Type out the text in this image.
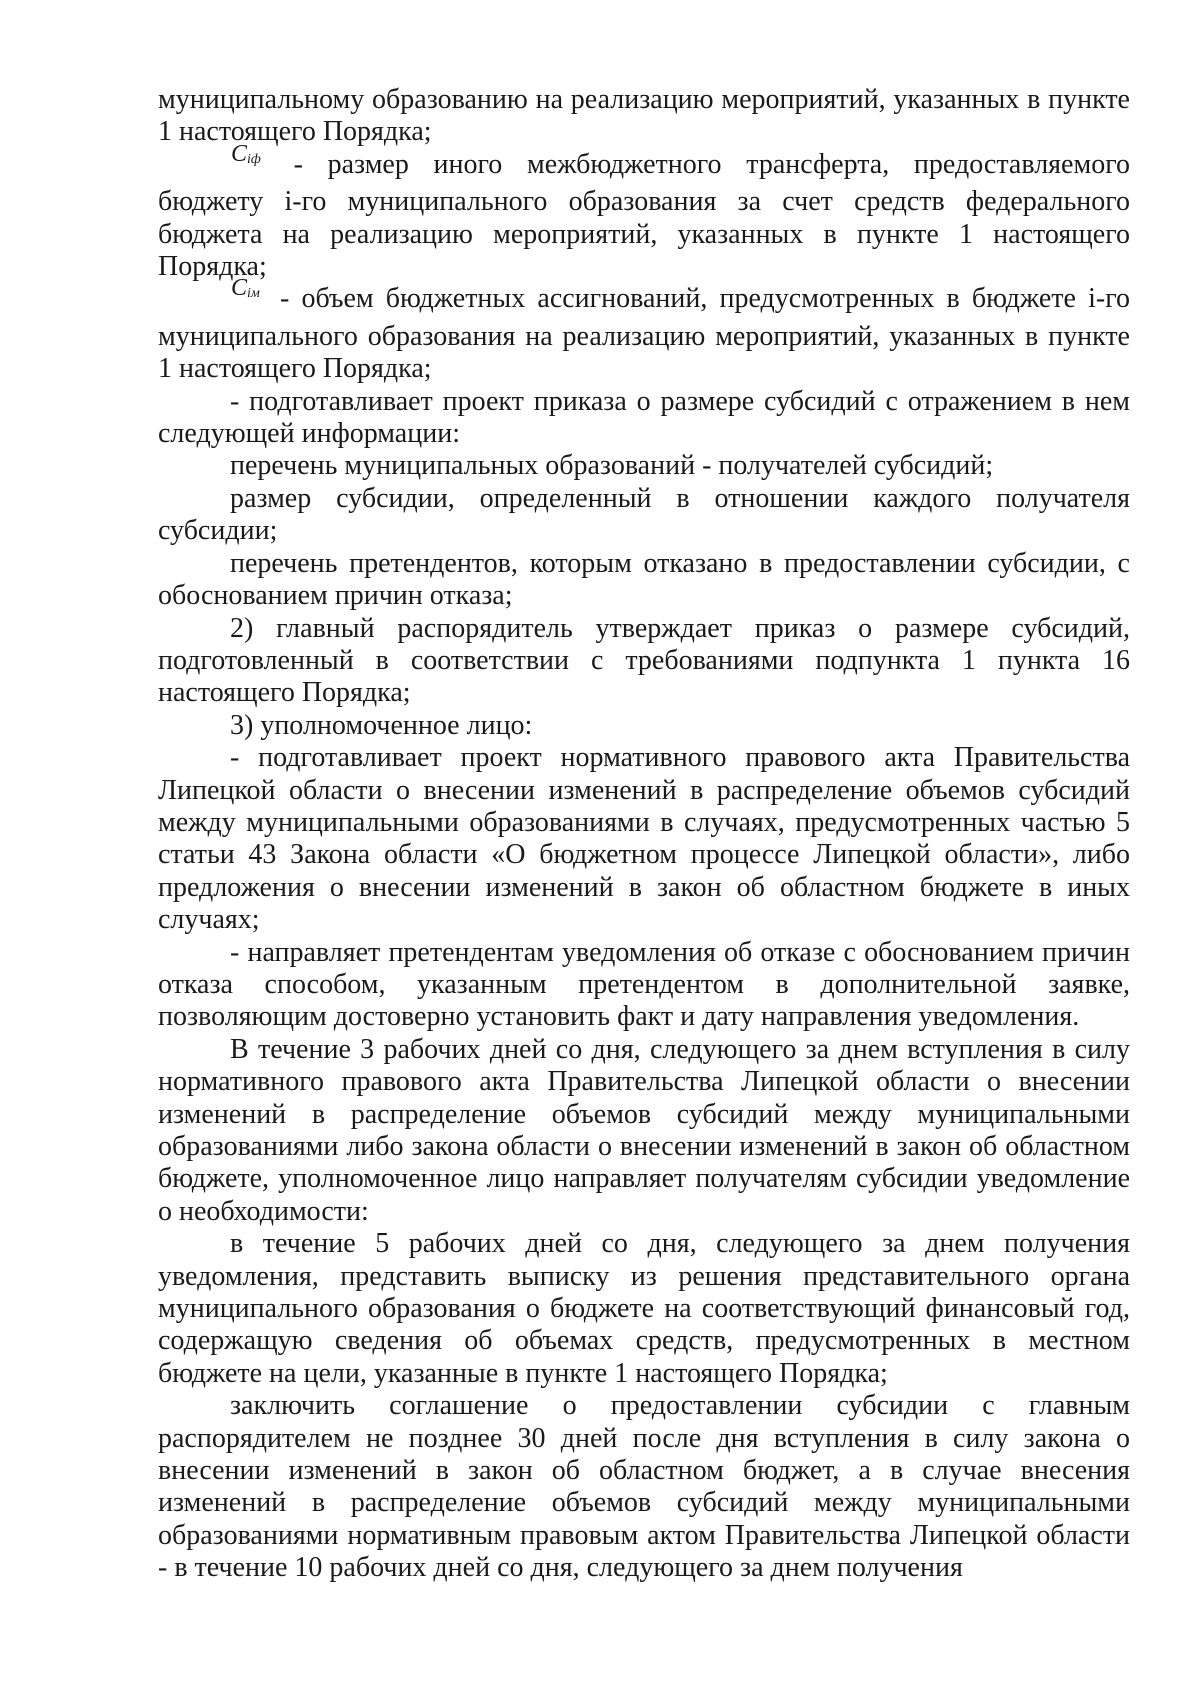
муниципальному образованию на реализацию мероприятий, указанных в пункте 1 настоящего Порядка;

$C_{iф}$ - размер иного межбюджетного трансферта, предоставляемого бюджету i-го муниципального образования за счет средств федерального бюджета на реализацию мероприятий, указанных в пункте 1 настоящего Порядка;

$C_{iм}$ - объем бюджетных ассигнований, предусмотренных в бюджете i-го муниципального образования на реализацию мероприятий, указанных в пункте 1 настоящего Порядка;

- подготавливает проект приказа о размере субсидий с отражением в нем следующей информации:

перечень муниципальных образований - получателей субсидий;

размер субсидии, определенный в отношении каждого получателя субсидии;

перечень претендентов, которым отказано в предоставлении субсидии, с обоснованием причин отказа;

2) главный распорядитель утверждает приказ о размере субсидий, подготовленный в соответствии с требованиями подпункта 1 пункта 16 настоящего Порядка;

3) уполномоченное лицо:

- подготавливает проект нормативного правового акта Правительства Липецкой области о внесении изменений в распределение объемов субсидий между муниципальными образованиями в случаях, предусмотренных частью 5 статьи 43 Закона области «О бюджетном процессе Липецкой области», либо предложения о внесении изменений в закон об областном бюджете в иных случаях;

- направляет претендентам уведомления об отказе с обоснованием причин отказа способом, указанным претендентом в дополнительной заявке, позволяющим достоверно установить факт и дату направления уведомления.

В течение 3 рабочих дней со дня, следующего за днем вступления в силу нормативного правового акта Правительства Липецкой области о внесении изменений в распределение объемов субсидий между муниципальными образованиями либо закона области о внесении изменений в закон об областном бюджете, уполномоченное лицо направляет получателям субсидии уведомление о необходимости:

в течение 5 рабочих дней со дня, следующего за днем получения уведомления, представить выписку из решения представительного органа муниципального образования о бюджете на соответствующий финансовый год, содержащую сведения об объемах средств, предусмотренных в местном бюджете на цели, указанные в пункте 1 настоящего Порядка;

заключить соглашение о предоставлении субсидии с главным распорядителем не позднее 30 дней после дня вступления в силу закона о внесении изменений в закон об областном бюджет, а в случае внесения изменений в распределение объемов субсидий между муниципальными образованиями нормативным правовым актом Правительства Липецкой области - в течение 10 рабочих дней со дня, следующего за днем получения
